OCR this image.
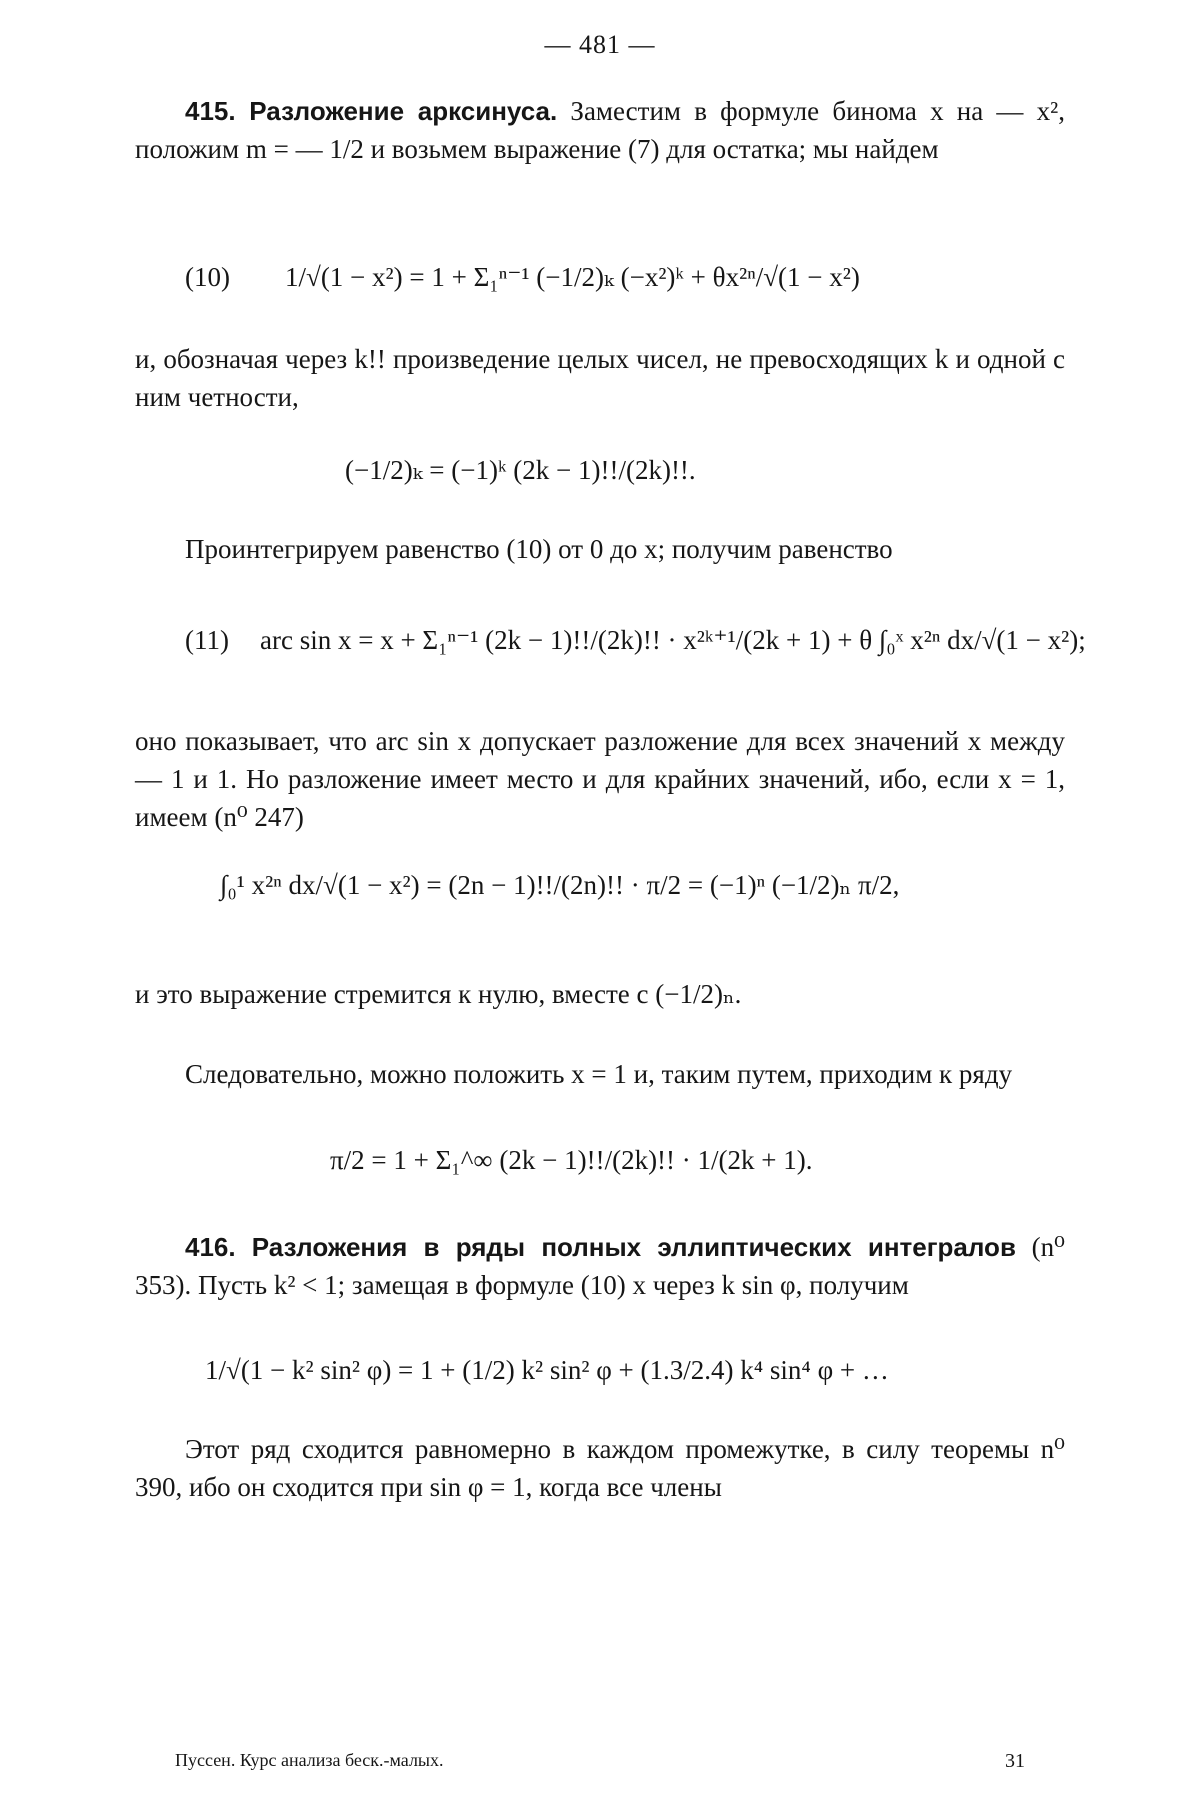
— 481 —
415. Разложение арксинуса. Заместим в формуле бинома x на — x², положим m = — 1/2 и возьмем выражение (7) для остатка; мы найдем
(10) 1/√(1 − x²) = 1 + Σ₁ⁿ⁻¹ (−1/2)ₖ (−x²)ᵏ + θx²ⁿ/√(1 − x²)
и, обозначая через k!! произведение целых чисел, не превосходящих k и одной с ним четности,
(−1/2)ₖ = (−1)ᵏ (2k − 1)!!/(2k)!!.
Проинтегрируем равенство (10) от 0 до x; получим равенство
(11) arc sin x = x + Σ₁ⁿ⁻¹ (2k − 1)!!/(2k)!! · x²ᵏ⁺¹/(2k + 1) + θ ∫₀ˣ x²ⁿ dx/√(1 − x²);
оно показывает, что arc sin x допускает разложение для всех значений x между — 1 и 1. Но разложение имеет место и для крайних значений, ибо, если x = 1, имеем (n⁰ 247)
∫₀¹ x²ⁿ dx/√(1 − x²) = (2n − 1)!!/(2n)!! · π/2 = (−1)ⁿ (−1/2)ₙ π/2,
и это выражение стремится к нулю, вместе с (−1/2)ₙ.
Следовательно, можно положить x = 1 и, таким путем, приходим к ряду
π/2 = 1 + Σ₁^∞ (2k − 1)!!/(2k)!! · 1/(2k + 1).
416. Разложения в ряды полных эллиптических интегралов (n⁰ 353). Пусть k² < 1; замещая в формуле (10) x через k sin φ, получим
1/√(1 − k² sin² φ) = 1 + (1/2) k² sin² φ + (1.3/2.4) k⁴ sin⁴ φ + …
Этот ряд сходится равномерно в каждом промежутке, в силу теоремы n⁰ 390, ибо он сходится при sin φ = 1, когда все члены
Пуссен. Курс анализа беск.-малых.	31
